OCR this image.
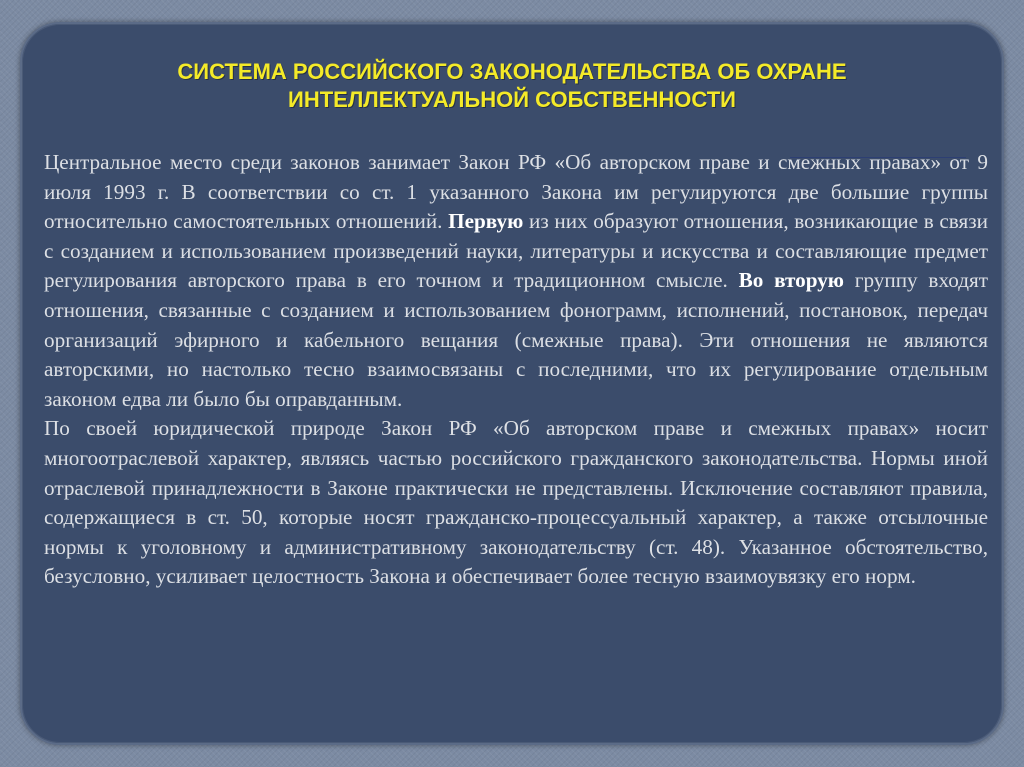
СИСТЕМА РОССИЙСКОГО ЗАКОНОДАТЕЛЬСТВА ОБ ОХРАНЕ
ИНТЕЛЛЕКТУАЛЬНОЙ СОБСТВЕННОСТИ

Центральное место среди законов занимает Закон РФ «Об авторском праве и смежных правах» от 9 июля 1993 г. В соответствии со ст. 1 указанного Закона им регулируются две большие группы относительно самостоятельных отношений. Первую из них образуют отношения, возникающие в связи с созданием и использованием произведений науки, литературы и искусства и составляющие предмет регулирования авторского права в его точном и традиционном смысле. Во вторую группу входят отношения, связанные с созданием и использованием фонограмм, исполнений, постановок, передач организаций эфирного и кабельного вещания (смежные права). Эти отношения не являются авторскими, но настолько тесно взаимосвязаны с последними, что их регулирование отдельным законом едва ли было бы оправданным.

По своей юридической природе Закон РФ «Об авторском праве и смежных правах» носит многоотраслевой характер, являясь частью российского гражданского законодательства. Нормы иной отраслевой принадлежности в Законе практически не представлены. Исключение составляют правила, содержащиеся в ст. 50, которые носят гражданско-процессуальный характер, а также отсылочные нормы к уголовному и административному законодательству (ст. 48). Указанное обстоятельство, безусловно, усиливает целостность Закона и обеспечивает более тесную взаимоувязку его норм.
